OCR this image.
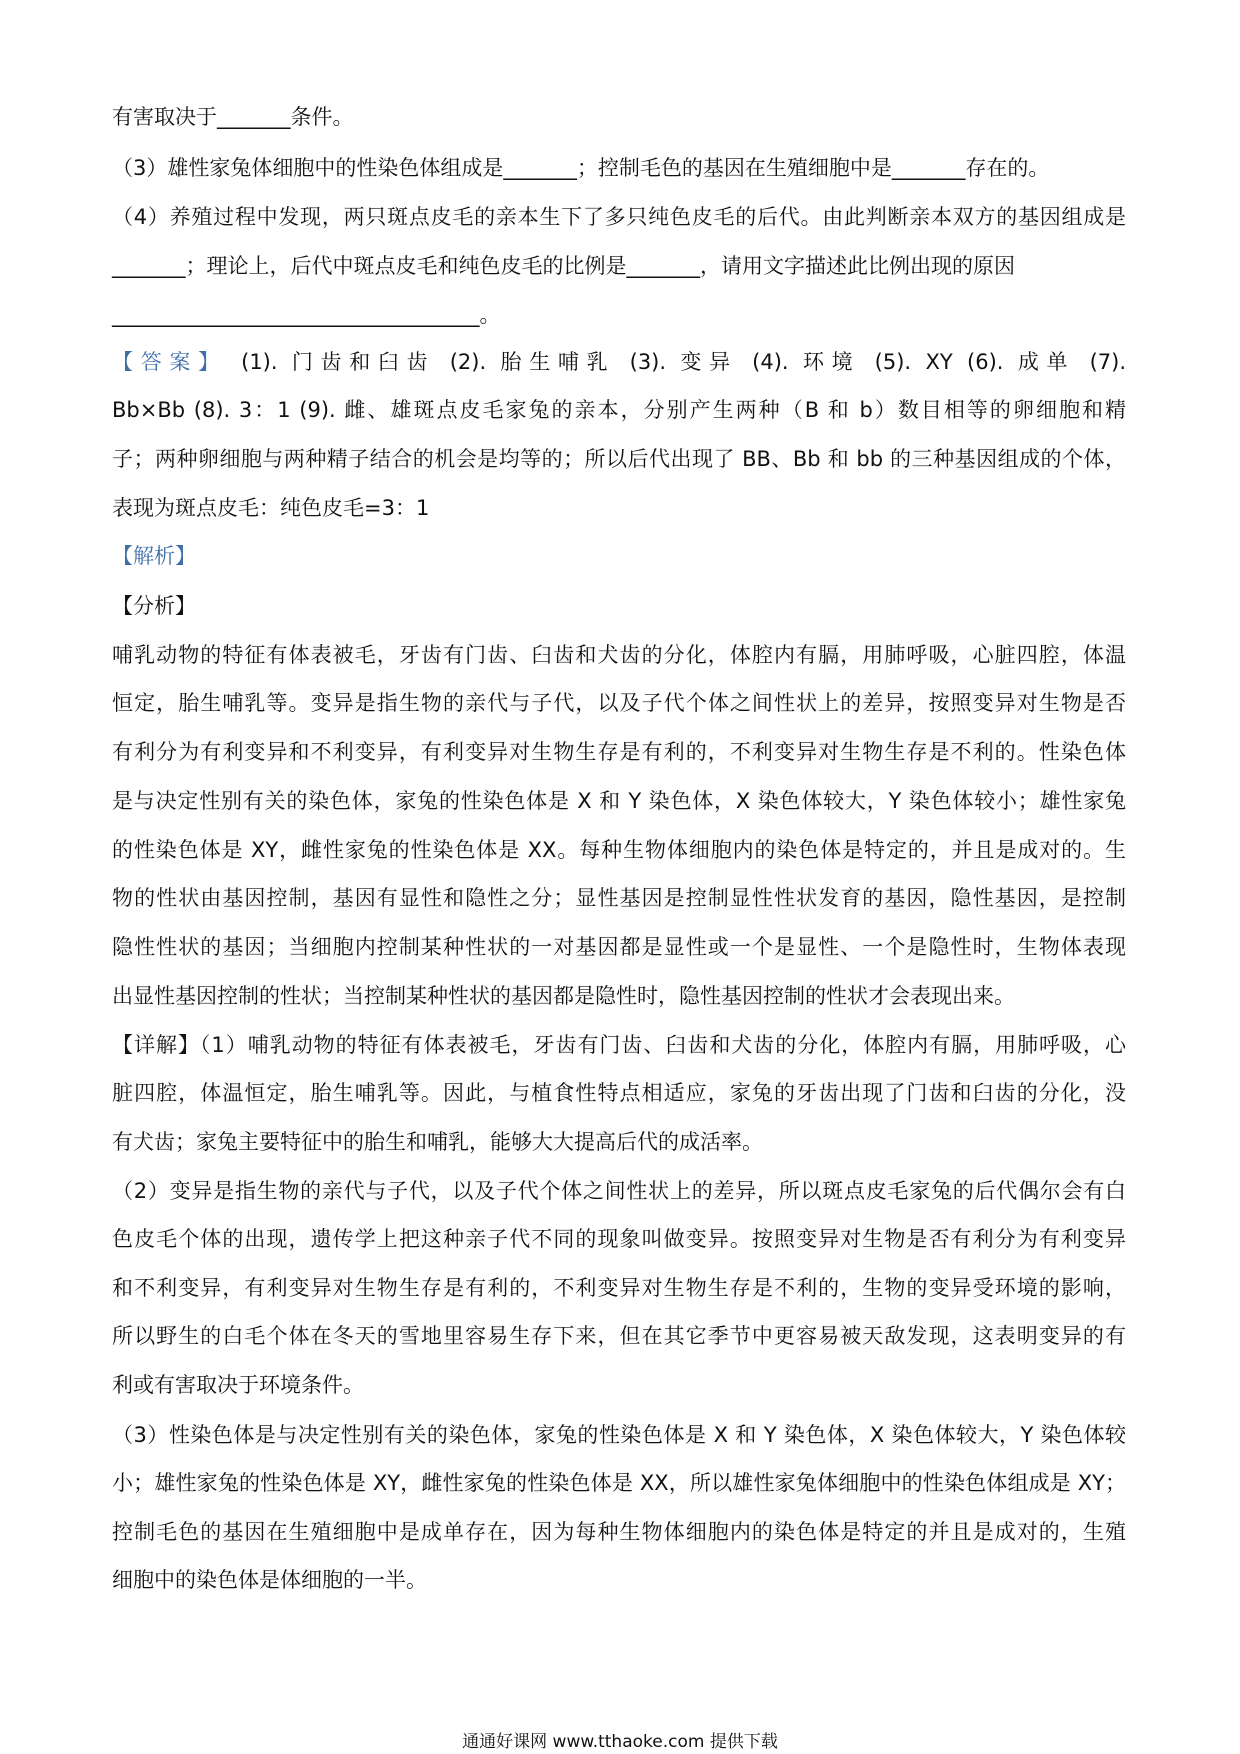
有害取决于_______条件。
（3）雄性家兔体细胞中的性染色体组成是_______；控制毛色的基因在生殖细胞中是_______存在的。
（4）养殖过程中发现，两只斑点皮毛的亲本生下了多只纯色皮毛的后代。由此判断亲本双方的基因组成是
_______；理论上，后代中斑点皮毛和纯色皮毛的比例是_______，请用文字描述此比例出现的原因
___________________________________。
【答案】 (1). 门齿和臼齿 (2). 胎生哺乳 (3). 变异 (4). 环境 (5). XY (6). 成单 (7).
Bb×Bb (8). 3：1 (9). 雌、雄斑点皮毛家兔的亲本，分别产生两种（B 和 b）数目相等的卵细胞和精
子；两种卵细胞与两种精子结合的机会是均等的；所以后代出现了 BB、Bb 和 bb 的三种基因组成的个体，
表现为斑点皮毛：纯色皮毛=3：1
【解析】
【分析】
哺乳动物的特征有体表被毛，牙齿有门齿、臼齿和犬齿的分化，体腔内有膈，用肺呼吸，心脏四腔，体温
恒定，胎生哺乳等。变异是指生物的亲代与子代，以及子代个体之间性状上的差异，按照变异对生物是否
有利分为有利变异和不利变异，有利变异对生物生存是有利的，不利变异对生物生存是不利的。性染色体
是与决定性别有关的染色体，家兔的性染色体是 X 和 Y 染色体，X 染色体较大，Y 染色体较小；雄性家兔
的性染色体是 XY，雌性家兔的性染色体是 XX。每种生物体细胞内的染色体是特定的，并且是成对的。生
物的性状由基因控制，基因有显性和隐性之分；显性基因是控制显性性状发育的基因，隐性基因，是控制
隐性性状的基因；当细胞内控制某种性状的一对基因都是显性或一个是显性、一个是隐性时，生物体表现
出显性基因控制的性状；当控制某种性状的基因都是隐性时，隐性基因控制的性状才会表现出来。
【详解】（1）哺乳动物的特征有体表被毛，牙齿有门齿、臼齿和犬齿的分化，体腔内有膈，用肺呼吸，心
脏四腔，体温恒定，胎生哺乳等。因此，与植食性特点相适应，家兔的牙齿出现了门齿和臼齿的分化，没
有犬齿；家兔主要特征中的胎生和哺乳，能够大大提高后代的成活率。
（2）变异是指生物的亲代与子代，以及子代个体之间性状上的差异，所以斑点皮毛家兔的后代偶尔会有白
色皮毛个体的出现，遗传学上把这种亲子代不同的现象叫做变异。按照变异对生物是否有利分为有利变异
和不利变异，有利变异对生物生存是有利的，不利变异对生物生存是不利的，生物的变异受环境的影响，
所以野生的白毛个体在冬天的雪地里容易生存下来，但在其它季节中更容易被天敌发现，这表明变异的有
利或有害取决于环境条件。
（3）性染色体是与决定性别有关的染色体，家兔的性染色体是 X 和 Y 染色体，X 染色体较大，Y 染色体较
小；雄性家兔的性染色体是 XY，雌性家兔的性染色体是 XX，所以雄性家兔体细胞中的性染色体组成是 XY；
控制毛色的基因在生殖细胞中是成单存在，因为每种生物体细胞内的染色体是特定的并且是成对的，生殖
细胞中的染色体是体细胞的一半。
通通好课网 www.tthaoke.com 提供下载
